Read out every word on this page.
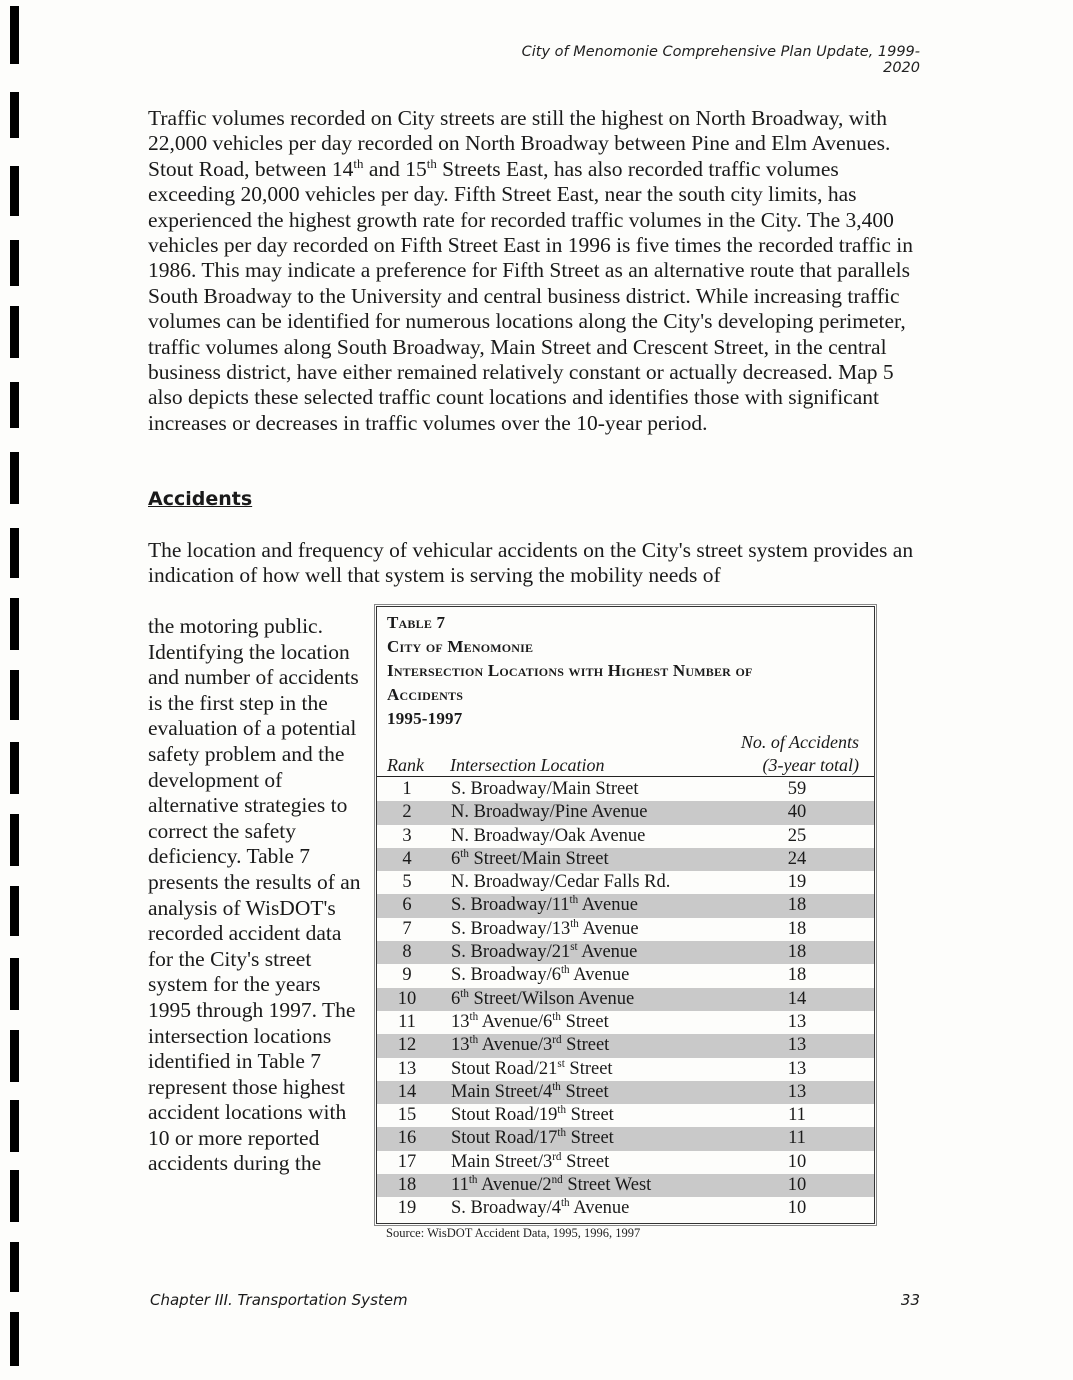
City of Menomonie Comprehensive Plan Update, 1999-2020

Traffic volumes recorded on City streets are still the highest on North Broadway, with 22,000 vehicles per day recorded on North Broadway between Pine and Elm Avenues. Stout Road, between 14th and 15th Streets East, has also recorded traffic volumes exceeding 20,000 vehicles per day. Fifth Street East, near the south city limits, has experienced the highest growth rate for recorded traffic volumes in the City. The 3,400 vehicles per day recorded on Fifth Street East in 1996 is five times the recorded traffic in 1986. This may indicate a preference for Fifth Street as an alternative route that parallels South Broadway to the University and central business district. While increasing traffic volumes can be identified for numerous locations along the City's developing perimeter, traffic volumes along South Broadway, Main Street and Crescent Street, in the central business district, have either remained relatively constant or actually decreased. Map 5 also depicts these selected traffic count locations and identifies those with significant increases or decreases in traffic volumes over the 10-year period.

Accidents

The location and frequency of vehicular accidents on the City's street system provides an indication of how well that system is serving the mobility needs of

the motoring public. Identifying the location and number of accidents is the first step in the evaluation of a potential safety problem and the development of alternative strategies to correct the safety deficiency. Table 7 presents the results of an analysis of WisDOT's recorded accident data for the City's street system for the years 1995 through 1997. The intersection locations identified in Table 7 represent those highest accident locations with 10 or more reported accidents during the

Table 7
City of Menomonie
Intersection Locations with Highest Number of
Accidents
1995-1997
Rank Intersection Location
No. of Accidents
(3-year total)
1	S. Broadway/Main Street	59
2	N. Broadway/Pine Avenue	40
3	N. Broadway/Oak Avenue	25
4	6th Street/Main Street	24
5	N. Broadway/Cedar Falls Rd.	19
6	S. Broadway/11th Avenue	18
7	S. Broadway/13th Avenue	18
8	S. Broadway/21st Avenue	18
9	S. Broadway/6th Avenue	18
10	6th Street/Wilson Avenue	14
11	13th Avenue/6th Street	13
12	13th Avenue/3rd Street	13
13	Stout Road/21st Street	13
14	Main Street/4th Street	13
15	Stout Road/19th Street	11
16	Stout Road/17th Street	11
17	Main Street/3rd Street	10
18	11th Avenue/2nd Street West	10
19	S. Broadway/4th Avenue	10
Source: WisDOT Accident Data, 1995, 1996, 1997
Chapter III. Transportation System	33
